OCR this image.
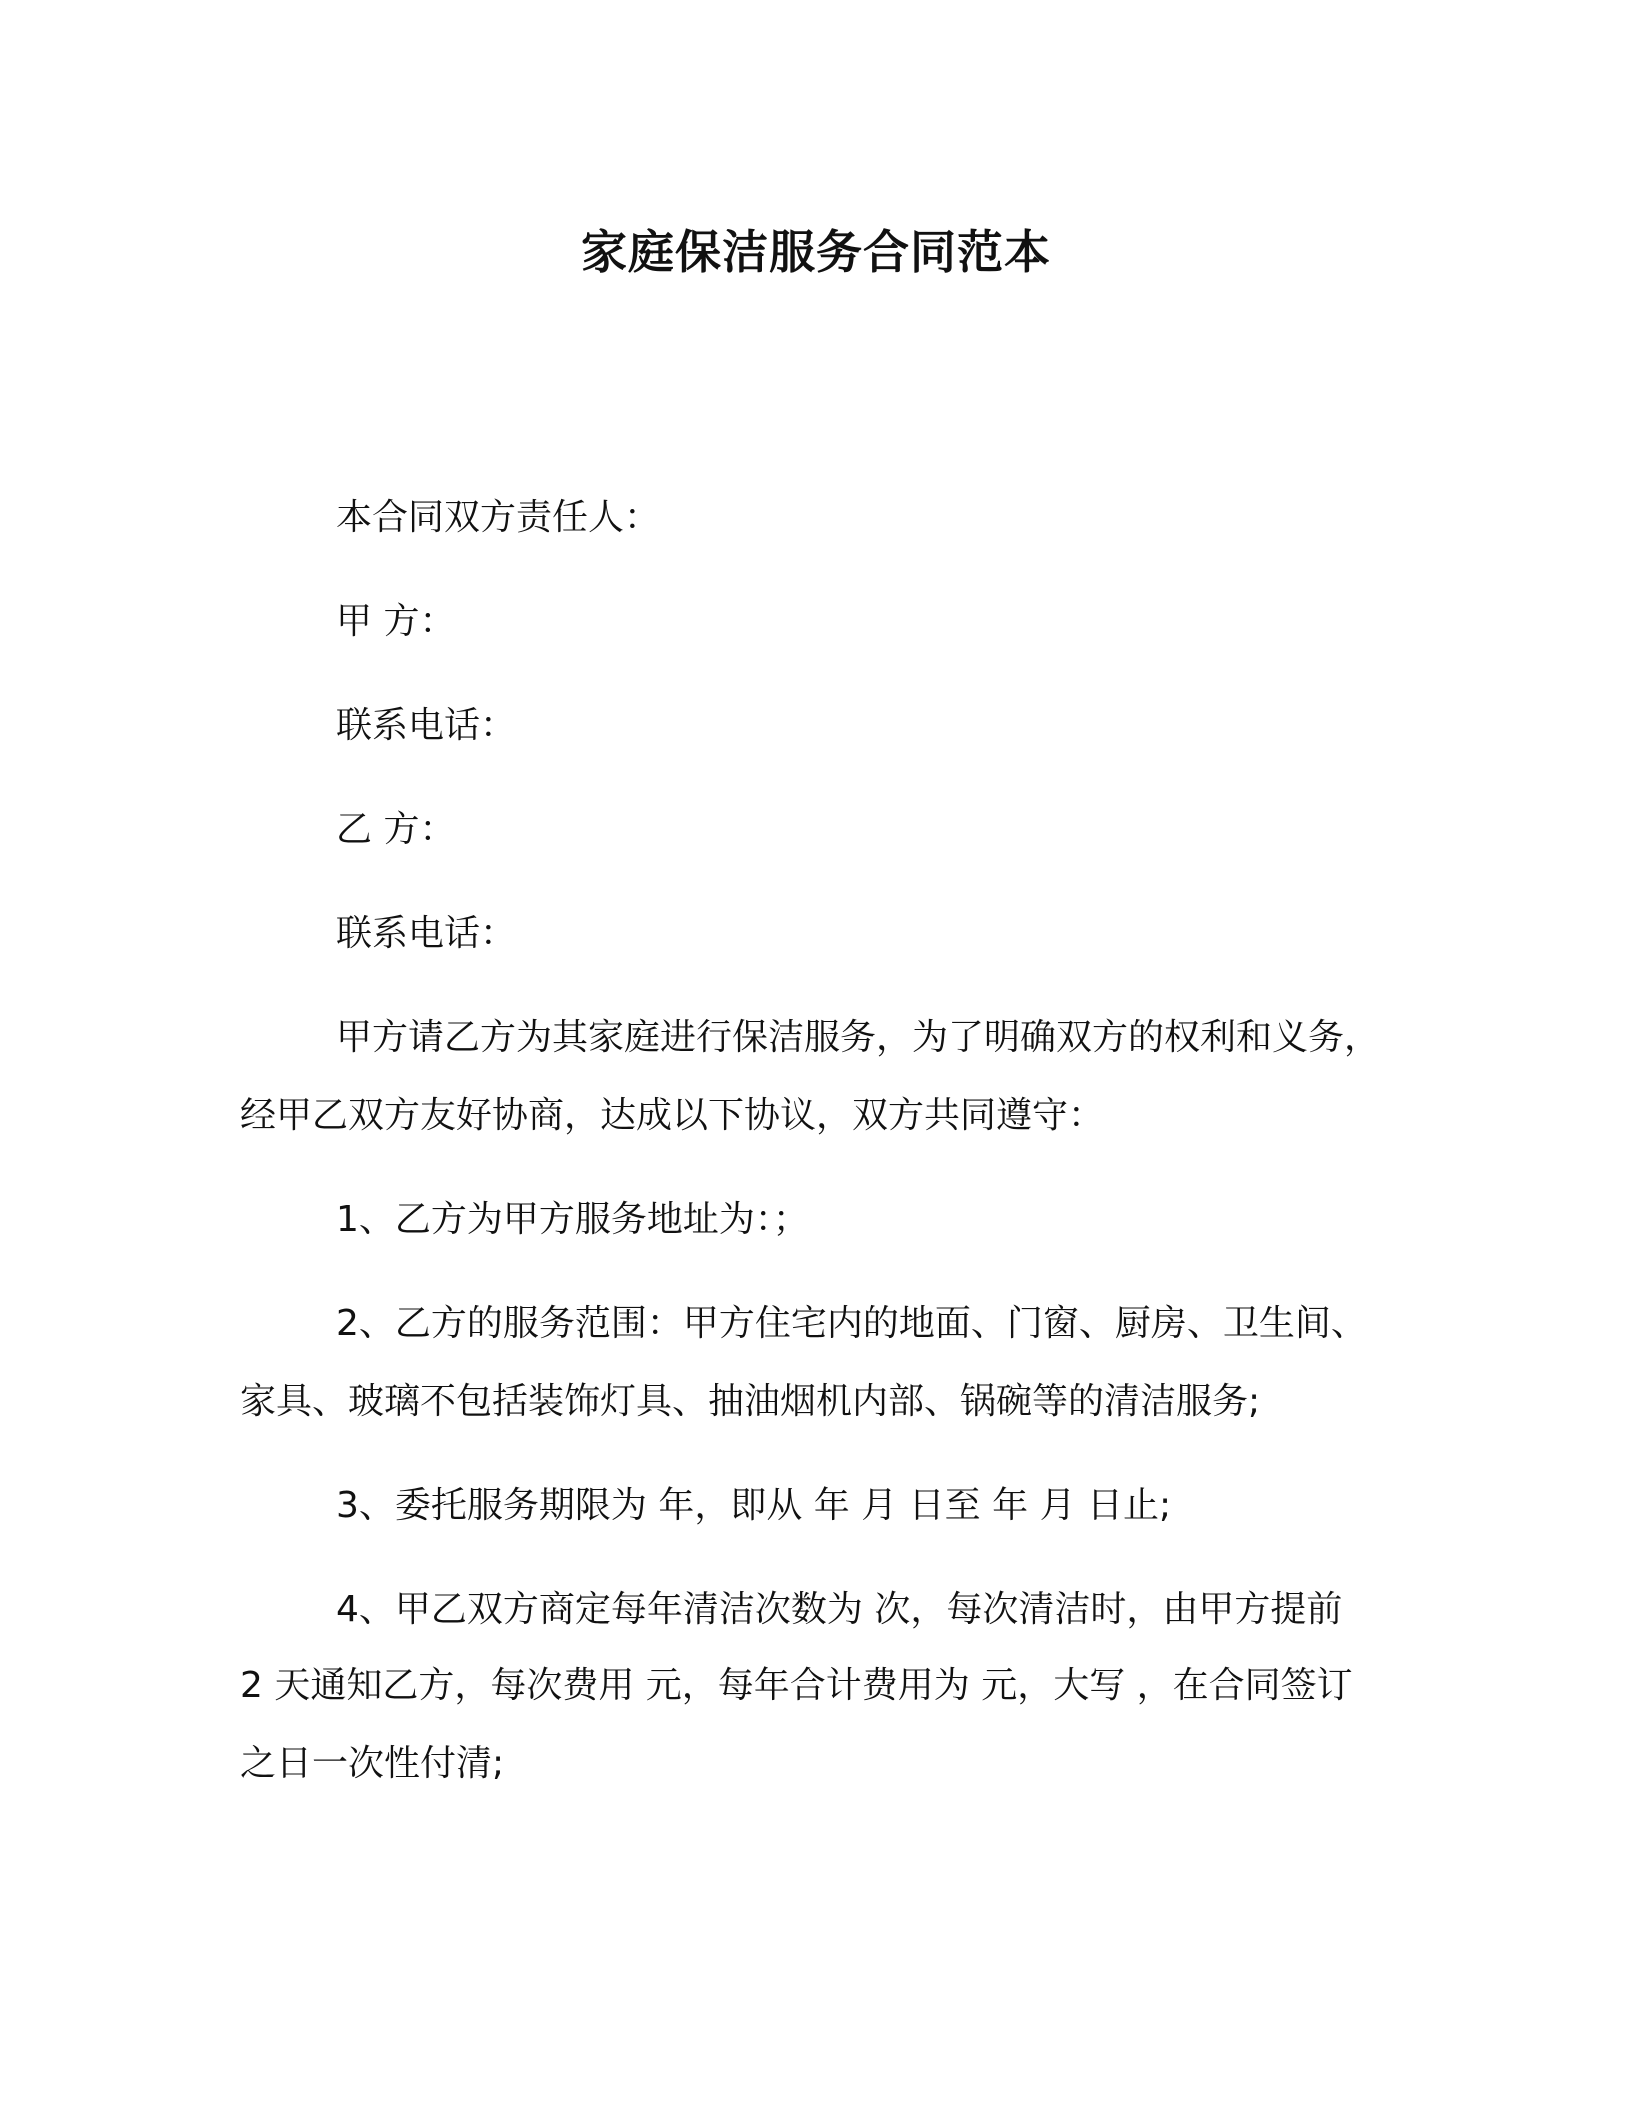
家庭保洁服务合同范本
本合同双方责任人：
甲 方：
联系电话：
乙 方：
联系电话：
甲方请乙方为其家庭进行保洁服务，为了明确双方的权利和义务，
经甲乙双方友好协商，达成以下协议，双方共同遵守：
1、乙方为甲方服务地址为：；
2、乙方的服务范围：甲方住宅内的地面、门窗、厨房、卫生间、
家具、玻璃不包括装饰灯具、抽油烟机内部、锅碗等的清洁服务;
3、委托服务期限为 年，即从 年 月 日至 年 月 日止;
4、甲乙双方商定每年清洁次数为 次，每次清洁时，由甲方提前
2 天通知乙方，每次费用 元，每年合计费用为 元，大写 ，在合同签订
之日一次性付清;
